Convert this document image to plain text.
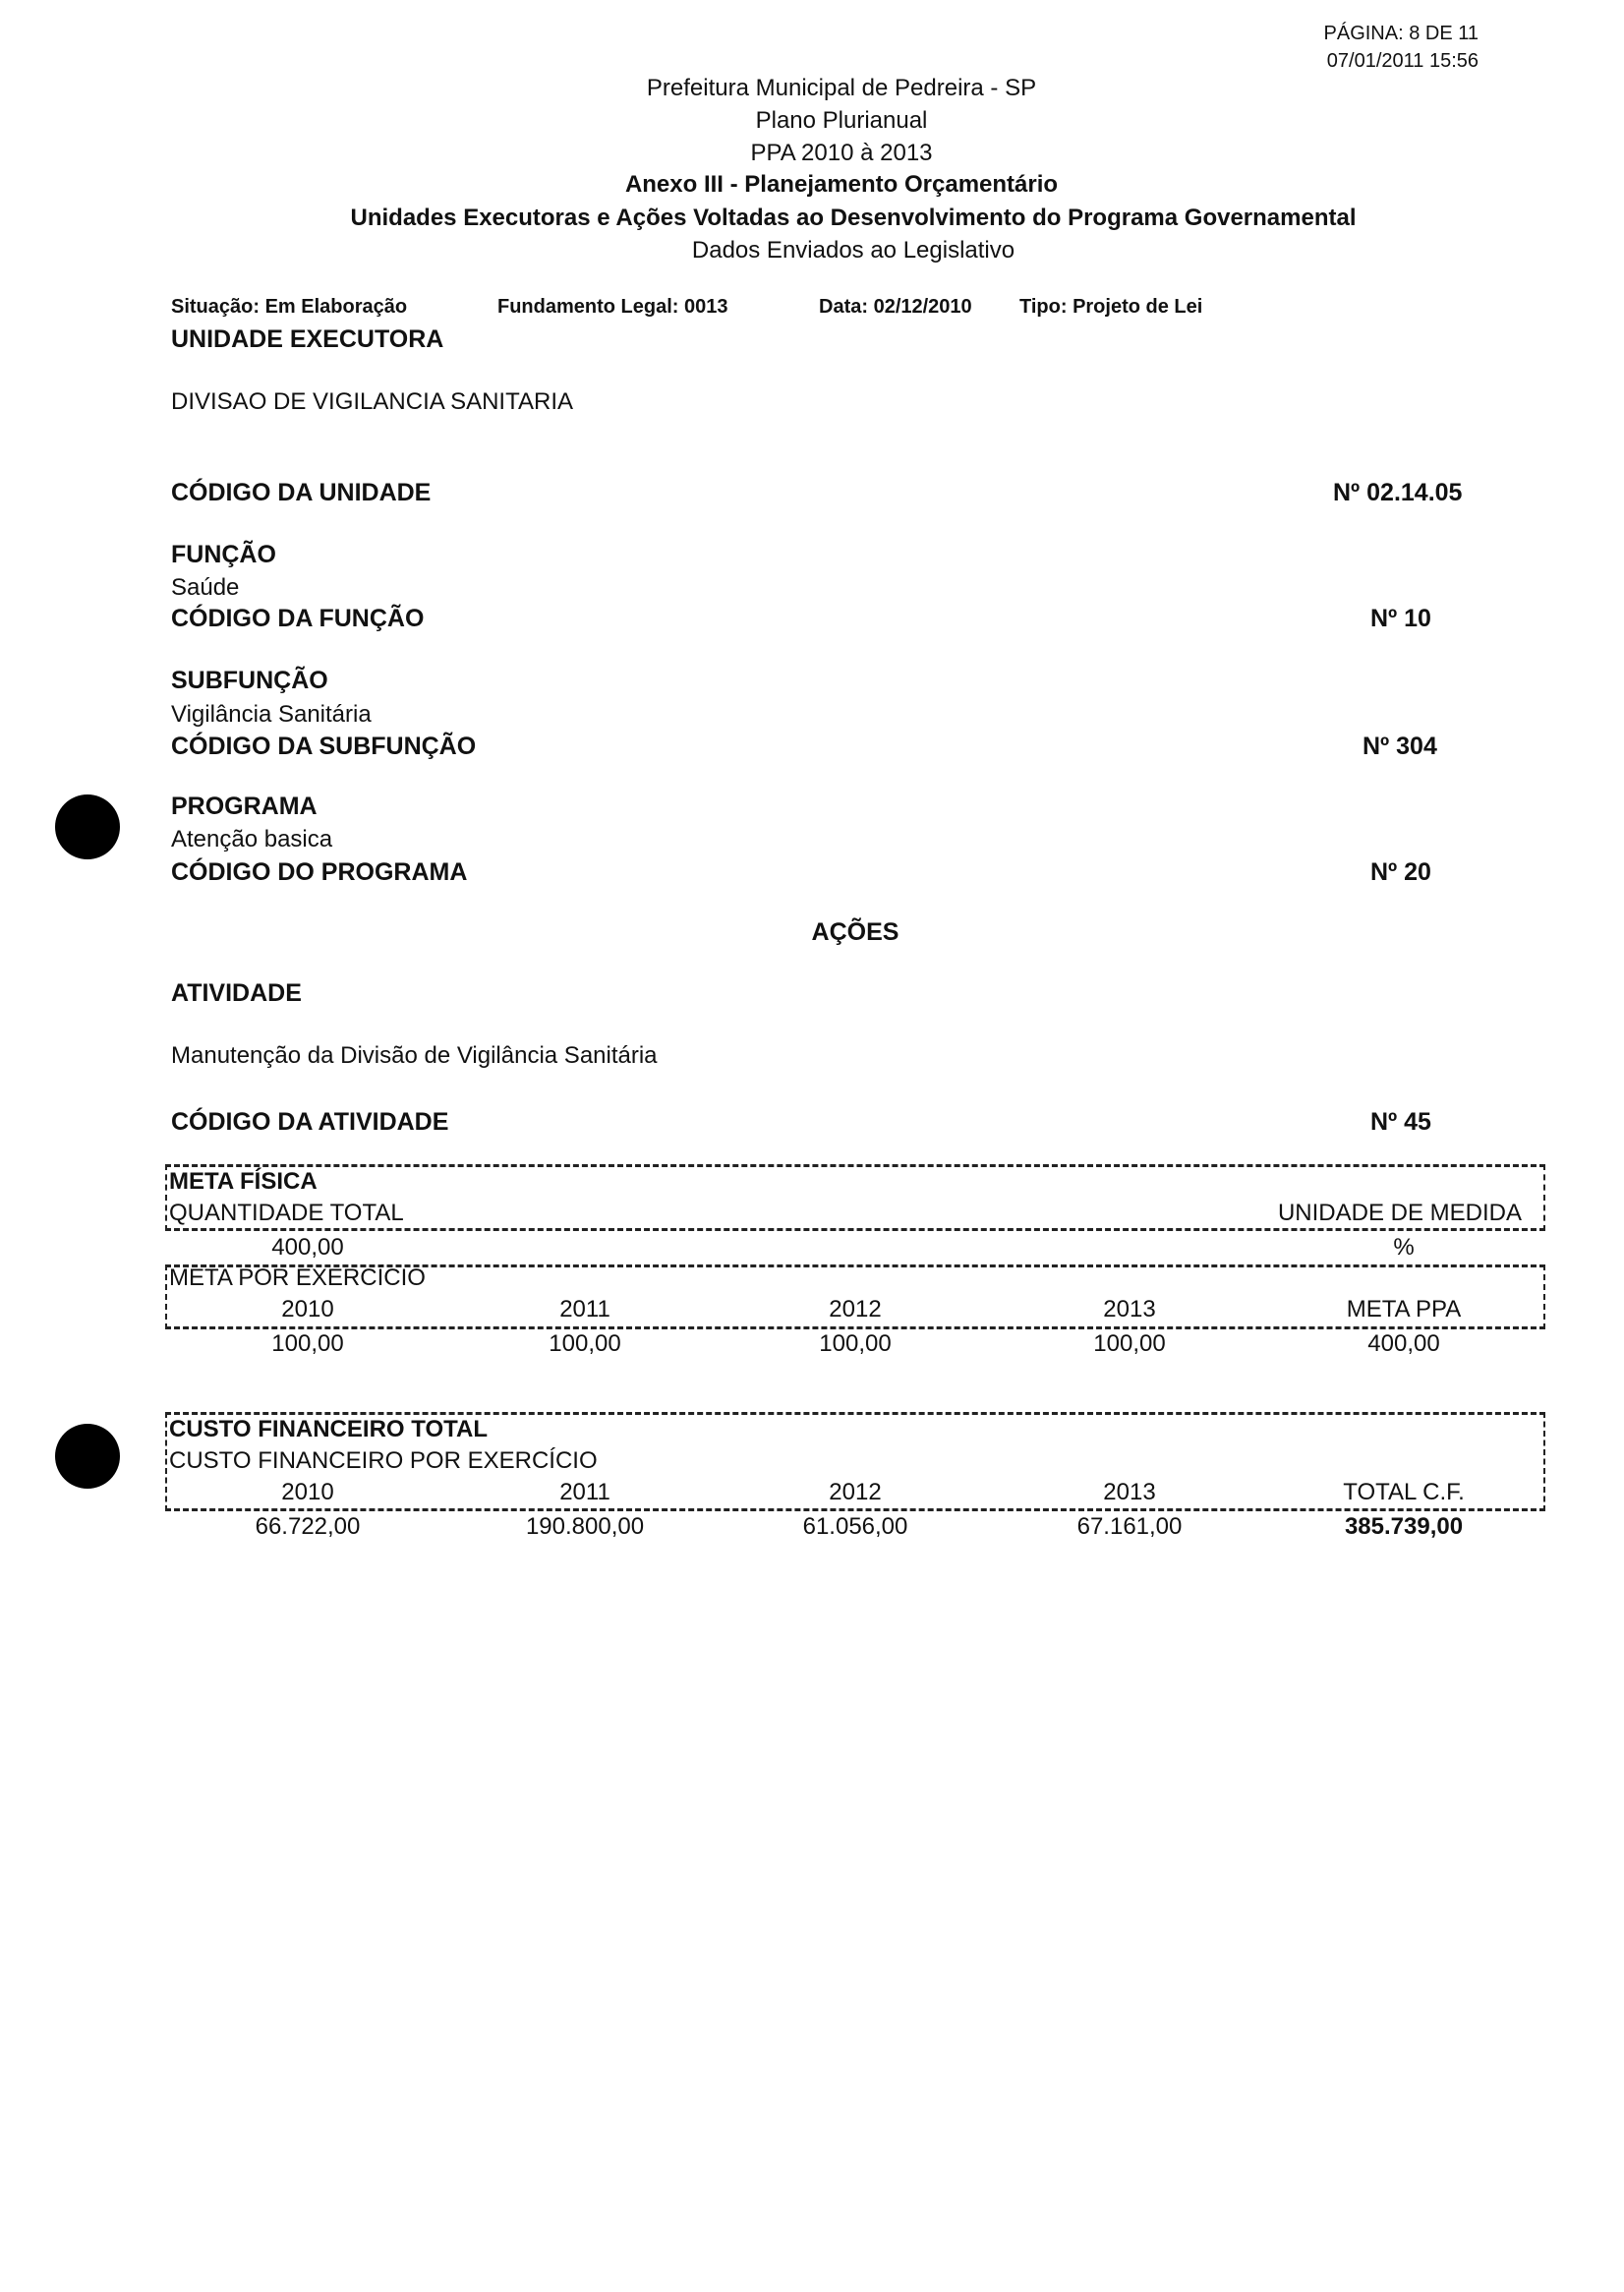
PÁGINA: 8 DE 11
07/01/2011 15:56
Prefeitura Municipal de Pedreira - SP
Plano Plurianual
PPA 2010 à 2013
Anexo III - Planejamento Orçamentário
Unidades Executoras e Ações Voltadas ao Desenvolvimento do Programa Governamental
Dados Enviados ao Legislativo
Situação: Em Elaboração	Fundamento Legal: 0013	Data: 02/12/2010 Tipo: Projeto de Lei
UNIDADE EXECUTORA
DIVISAO DE VIGILANCIA SANITARIA
CÓDIGO DA UNIDADE	Nº 02.14.05
FUNÇÃO
Saúde
CÓDIGO DA FUNÇÃO	Nº 10
SUBFUNÇÃO
Vigilância Sanitária
CÓDIGO DA SUBFUNÇÃO	Nº 304
PROGRAMA
Atenção basica
CÓDIGO DO PROGRAMA	Nº 20
AÇÕES
ATIVIDADE
Manutenção da Divisão de Vigilância Sanitária
CÓDIGO DA ATIVIDADE	Nº 45
META FÍSICA
QUANTIDADE TOTAL	UNIDADE DE MEDIDA
400,00	%
META POR EXERCÍCIO
2010	2011	2012	2013	META PPA
100,00	100,00	100,00	100,00	400,00
CUSTO FINANCEIRO TOTAL
CUSTO FINANCEIRO POR EXERCÍCIO
2010	2011	2012	2013	TOTAL C.F.
66.722,00	190.800,00	61.056,00	67.161,00	385.739,00
